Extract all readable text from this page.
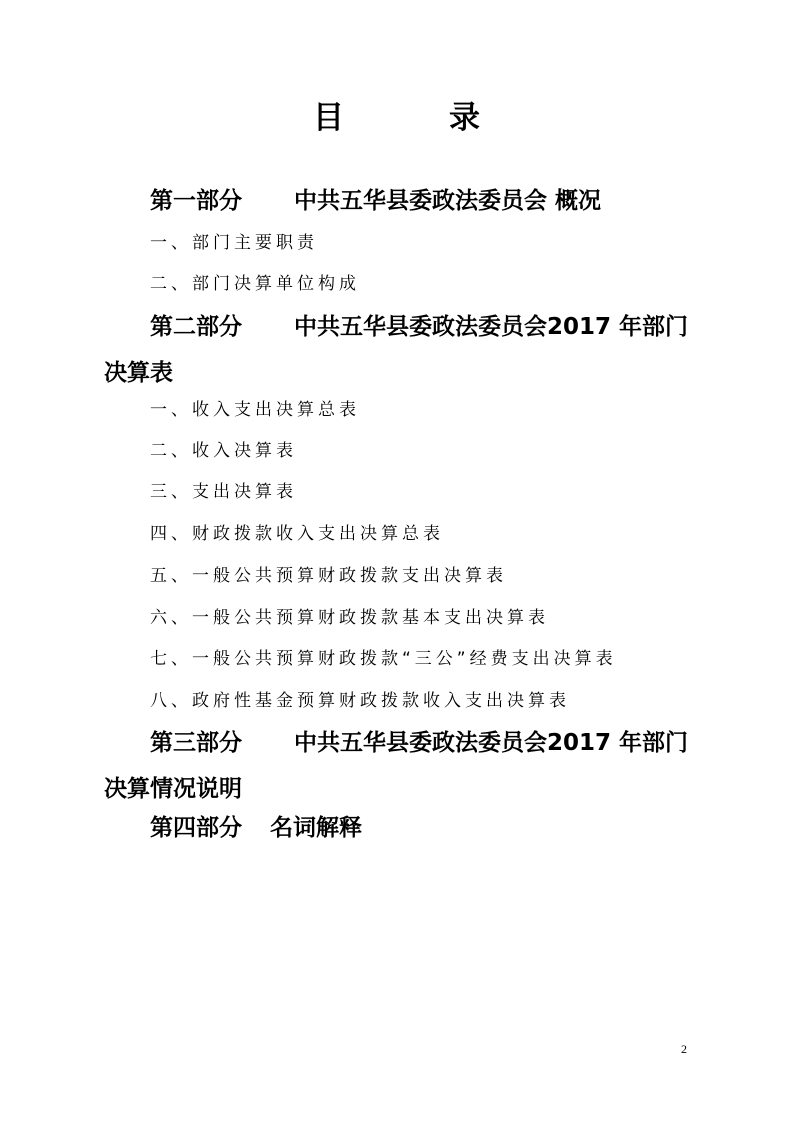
目	录
第一部分 中共五华县委政法委员会 概况
一、部门主要职责
二、部门决算单位构成
第二部分 中共五华县委政法委员会2017 年部门决算表
一、收入支出决算总表
二、收入决算表
三、支出决算表
四、财政拨款收入支出决算总表
五、一般公共预算财政拨款支出决算表
六、一般公共预算财政拨款基本支出决算表
七、一般公共预算财政拨款“三公”经费支出决算表
八、政府性基金预算财政拨款收入支出决算表
第三部分 中共五华县委政法委员会2017 年部门决算情况说明
第四部分 名词解释
2
